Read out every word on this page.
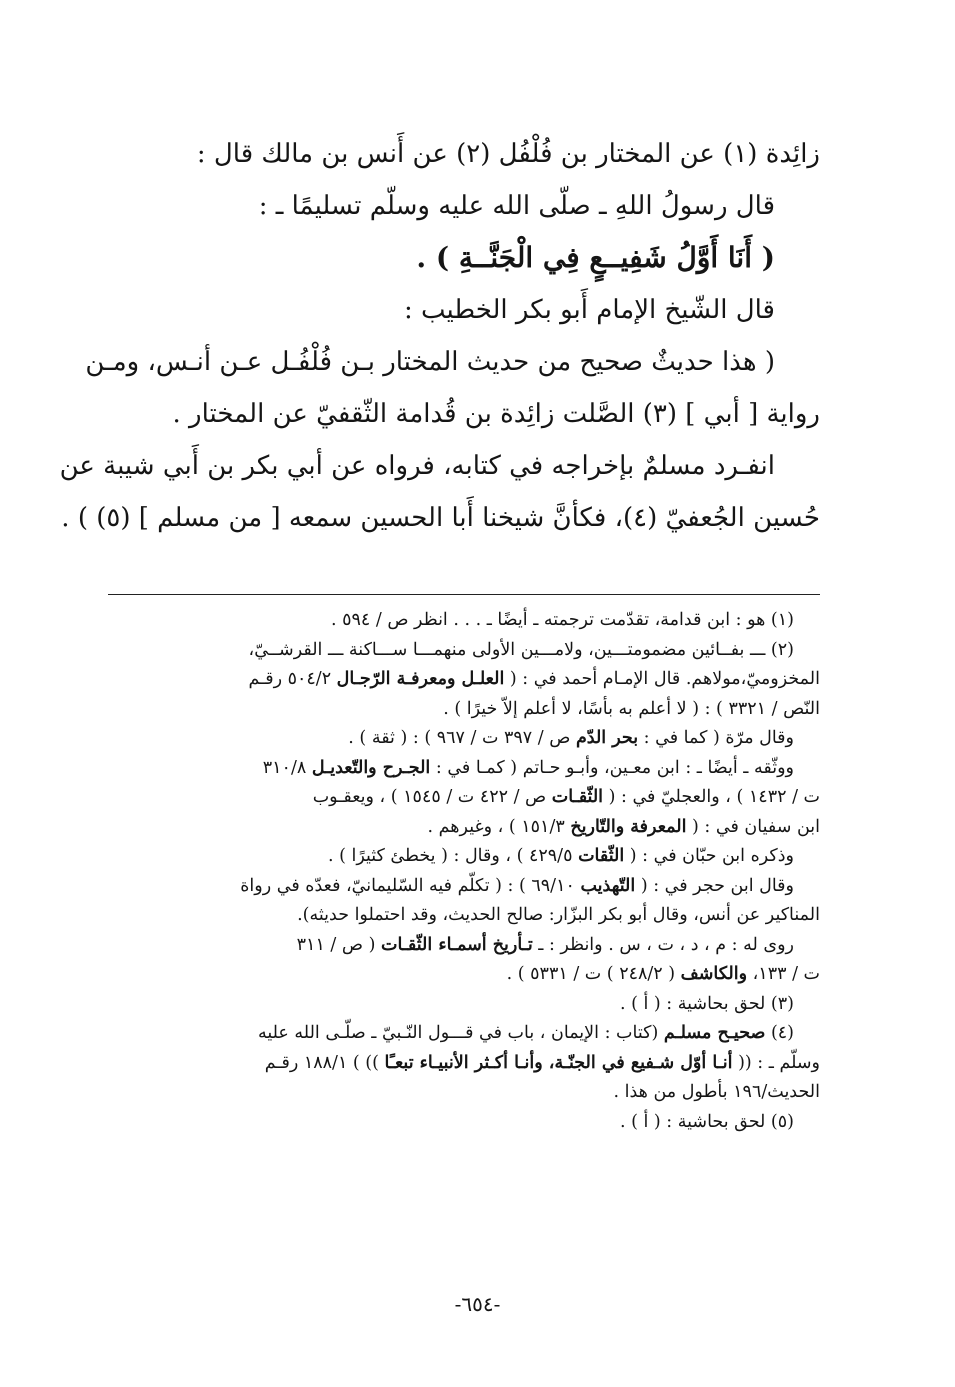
زائِدة (١) عن المختار بن فُلْفُل (٢) عن أَنس بن مالك قال :
قال رسولُ اللهِ ـ صلّى الله عليه وسلّم تسليمًا ـ :
( أَنَا أَوَّلُ شَفِيــعٍ فِي الْجَنَّــةِ ) .
قال الشّيخ الإمام أَبو بكر الخطيب :
( هذا حديثٌ صحيح من حديث المختار بـن فُلْفُـل عـن أنـس، ومـن
رواية [ أبي ] (٣) الصَّلت زائِدة بن قُدامة الثّقفيّ عن المختار .
انفـرد مسلمٌ بإخراجه في كتابه، فرواه عن أبي بكر بن أَبي شيبة عن
حُسين الجُعفيّ (٤)، فكأنَّ شيخنا أَبا الحسين سمعه [ من مسلم ] (٥) ) .
(١) هو : ابن قدامة، تقدّمت ترجمته ـ أيضًا ـ . . . انظر ص / ٥٩٤ .
(٢) ـــ بفــائين مضمومتـــين، ولامـــين الأولى منهمـــا ســـاكنة ـــ القرشــيّ،
المخزوميّ،مولاهم. قال الإمـام أحمد في : ( العلـل ومعرفـة الرّجـال ٥٠٤/٢ رقـم
النّص / ٣٣٢١ ) : ( لا أعلم به بأسًا، لا أعلم إلاّ خيرًا ) .
وقال مرّة ( كما في : بحر الدّم ص / ٣٩٧ ت / ٩٦٧ ) : ( ثقة ) .
ووثّقه ـ أيضًا ـ : ابن معـين، وأبـو حـاتم ( كمـا في : الجـرح والتّعديـل ٣١٠/٨
ت / ١٤٣٢ ) ، والعجليّ في : ( الثّقـات ص / ٤٢٢ ت / ١٥٤٥ ) ، ويعقـوب
ابن سفيان في : ( المعرفة والتّاريخ ١٥١/٣ ) ، وغيرهم .
وذكره ابن حبّان في : ( الثّقات ٤٢٩/٥ ) ، وقال : ( يخطئ كثيرًا ) .
وقال ابن حجر في : ( التّهذيب ٦٩/١٠ ) : ( تكلّم فيه السّليمانيّ، فعدّه في رواة
المناكير عن أنس، وقال أبو بكر البزّار: صالح الحديث، وقد احتملوا حديثه).
روى له : م ، د ، ت ، س . وانظر : ـ تـأريخ أسمـاء الثّقـات ( ص / ٣١١
ت / ١٣٣، والكاشف ( ٢٤٨/٢ ) ت / ٥٣٣١ ) .
(٣) لحق بحاشية : ( أ ) .
(٤) صحيـح مسلـم (كتاب : الإيمان ، باب في قـــول النّـبيّ ـ صلّـى الله عليه
وسلّم ـ : (( أنـا أوّل شـفيع في الجنّـة، وأنـا أكـثر الأنبيـاء تبعـًا )) ) ١٨٨/١ رقـم
الحديث/١٩٦ بأطول من هذا .
(٥) لحق بحاشية : ( أ ) .
-٦٥٤-
